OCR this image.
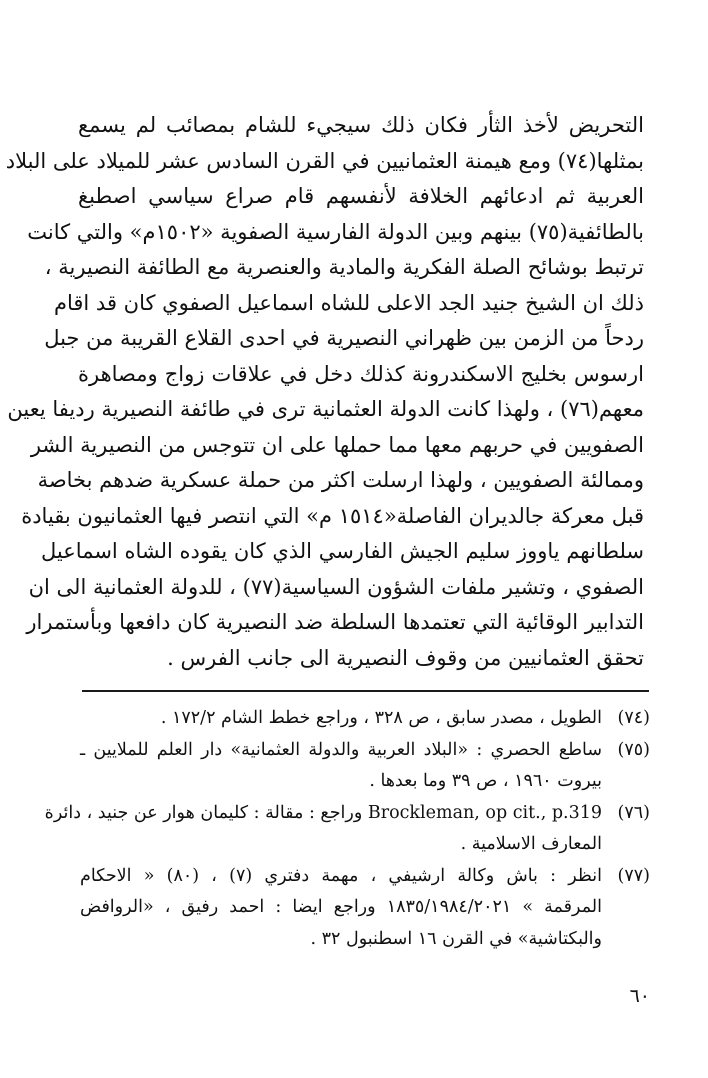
التحريض لأخذ الثأر فكان ذلك سيجيء للشام بمصائب لم يسمع
بمثلها(٧٤) ومع هيمنة العثمانيين في القرن السادس عشر للميلاد على البلاد
العربية ثم ادعائهم الخلافة لأنفسهم قام صراع سياسي اصطبغ
بالطائفية(٧٥) بينهم وبين الدولة الفارسية الصفوية «١٥٠٢م» والتي كانت
ترتبط بوشائح الصلة الفكرية والمادية والعنصرية مع الطائفة النصيرية ،
ذلك ان الشيخ جنيد الجد الاعلى للشاه اسماعيل الصفوي كان قد اقام
ردحاً من الزمن بين ظهراني النصيرية في احدى القلاع القريبة من جبل
ارسوس بخليج الاسكندرونة كذلك دخل في علاقات زواج ومصاهرة
معهم(٧٦) ، ولهذا كانت الدولة العثمانية ترى في طائفة النصيرية رديفا يعين
الصفويين في حربهم معها مما حملها على ان تتوجس من النصيرية الشر
وممالئة الصفويين ، ولهذا ارسلت اكثر من حملة عسكرية ضدهم بخاصة
قبل معركة جالديران الفاصلة«١٥١٤ م» التي انتصر فيها العثمانيون بقيادة
سلطانهم ياووز سليم الجيش الفارسي الذي كان يقوده الشاه اسماعيل
الصفوي ، وتشير ملفات الشؤون السياسية(٧٧) ، للدولة العثمانية الى ان
التدابير الوقائية التي تعتمدها السلطة ضد النصيرية كان دافعها وبأستمرار
تحقق العثمانيين من وقوف النصيرية الى جانب الفرس .
(٧٤)
الطويل ، مصدر سابق ، ص ٣٢٨ ، وراجع خطط الشام ١٧٢/٢ .
(٧٥)
ساطع الحصري : «البلاد العربية والدولة العثمانية» دار العلم للملايين ـ
بيروت ١٩٦٠ ، ص ٣٩ وما بعدها .
(٧٦)
Brockleman, op cit., p.319 وراجع : مقالة : كليمان هوار عن جنيد ، دائرة
المعارف الاسلامية .
(٧٧)
انظر : باش وكالة ارشيفي ، مهمة دفتري (٧) ، (٨٠) « الاحكام
المرقمة » ١٨٣٥/١٩٨٤/٢٠٢١ وراجع ايضا : احمد رفيق ، «الروافض
والبكتاشية» في القرن ١٦ اسطنبول ٣٢ .
٦٠
